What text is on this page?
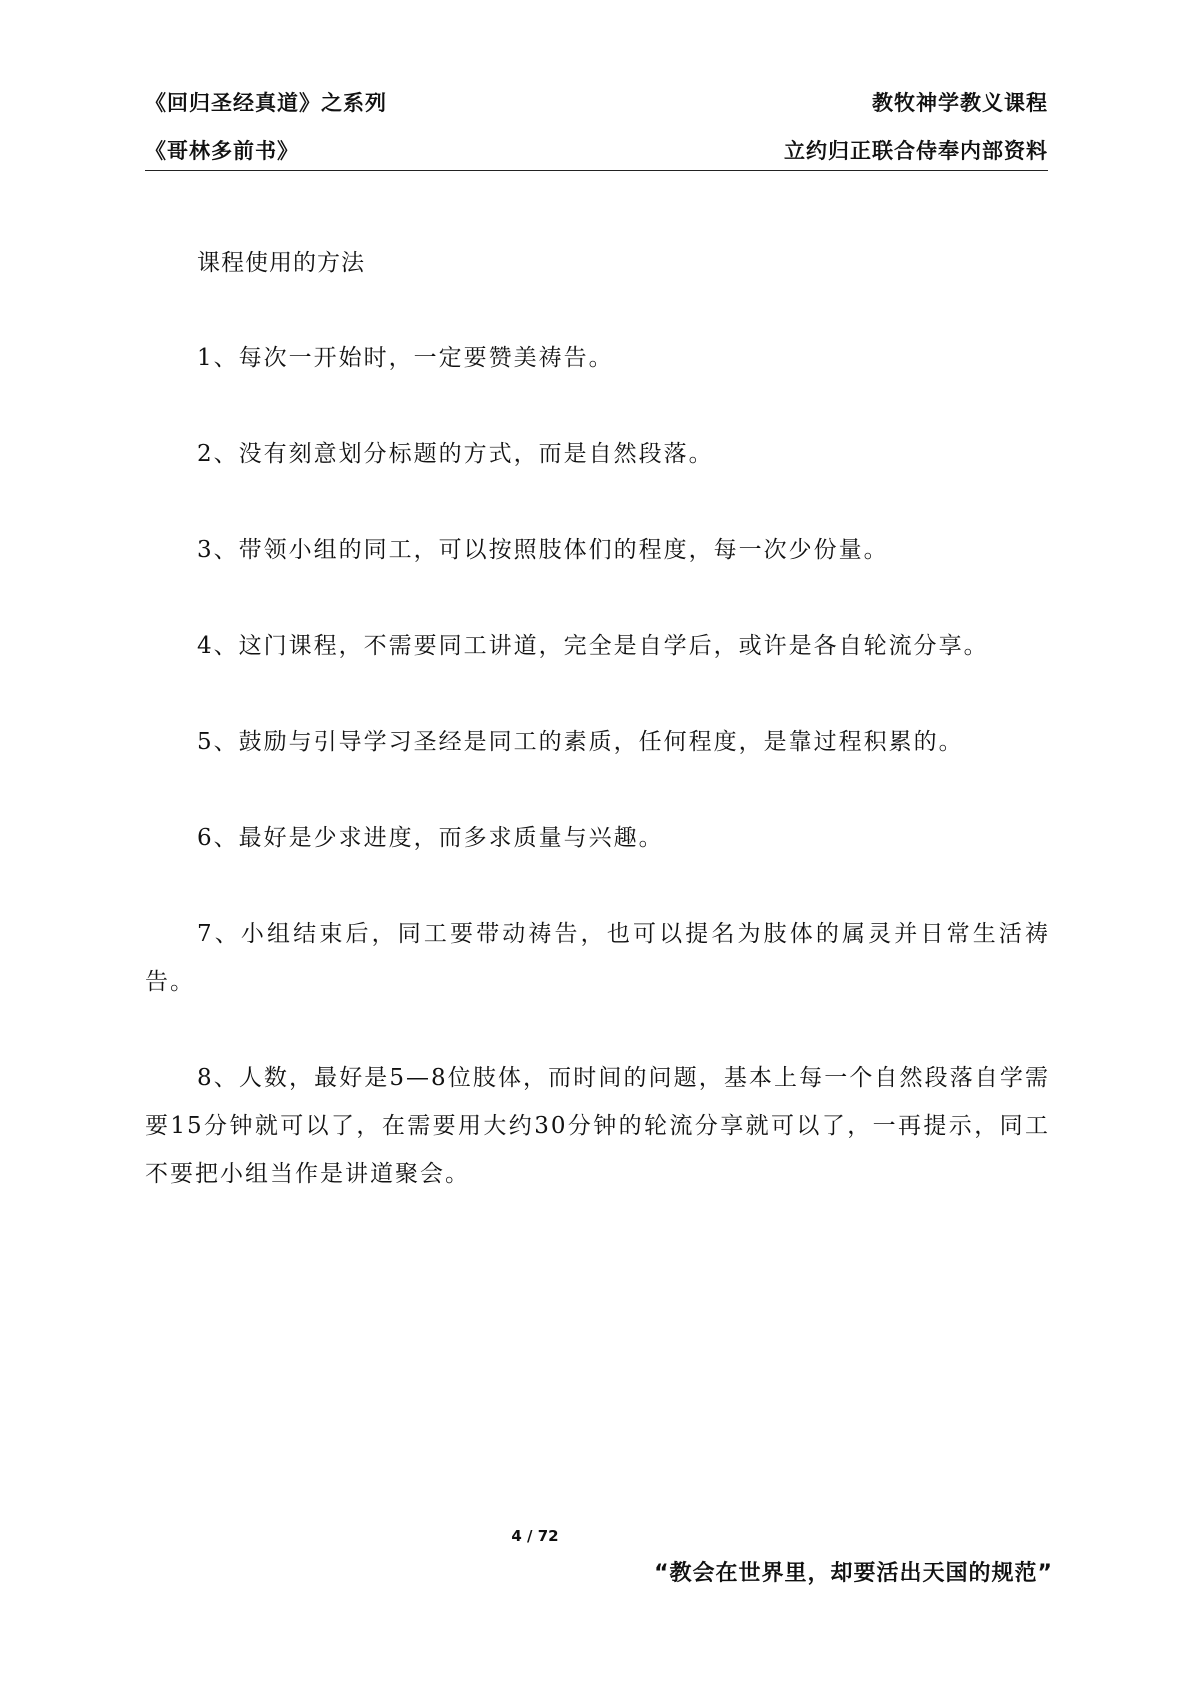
《回归圣经真道》之系列	教牧神学教义课程
《哥林多前书》	立约归正联合侍奉内部资料
课程使用的方法

1、每次一开始时，一定要赞美祷告。

2、没有刻意划分标题的方式，而是自然段落。

3、带领小组的同工，可以按照肢体们的程度，每一次少份量。

4、这门课程，不需要同工讲道，完全是自学后，或许是各自轮流分享。

5、鼓励与引导学习圣经是同工的素质，任何程度，是靠过程积累的。

6、最好是少求进度，而多求质量与兴趣。

7、小组结束后，同工要带动祷告，也可以提名为肢体的属灵并日常生活祷告。

8、人数，最好是5—8位肢体，而时间的问题，基本上每一个自然段落自学需要15分钟就可以了，在需要用大约30分钟的轮流分享就可以了，一再提示，同工不要把小组当作是讲道聚会。

4 / 72
“教会在世界里，却要活出天国的规范”
